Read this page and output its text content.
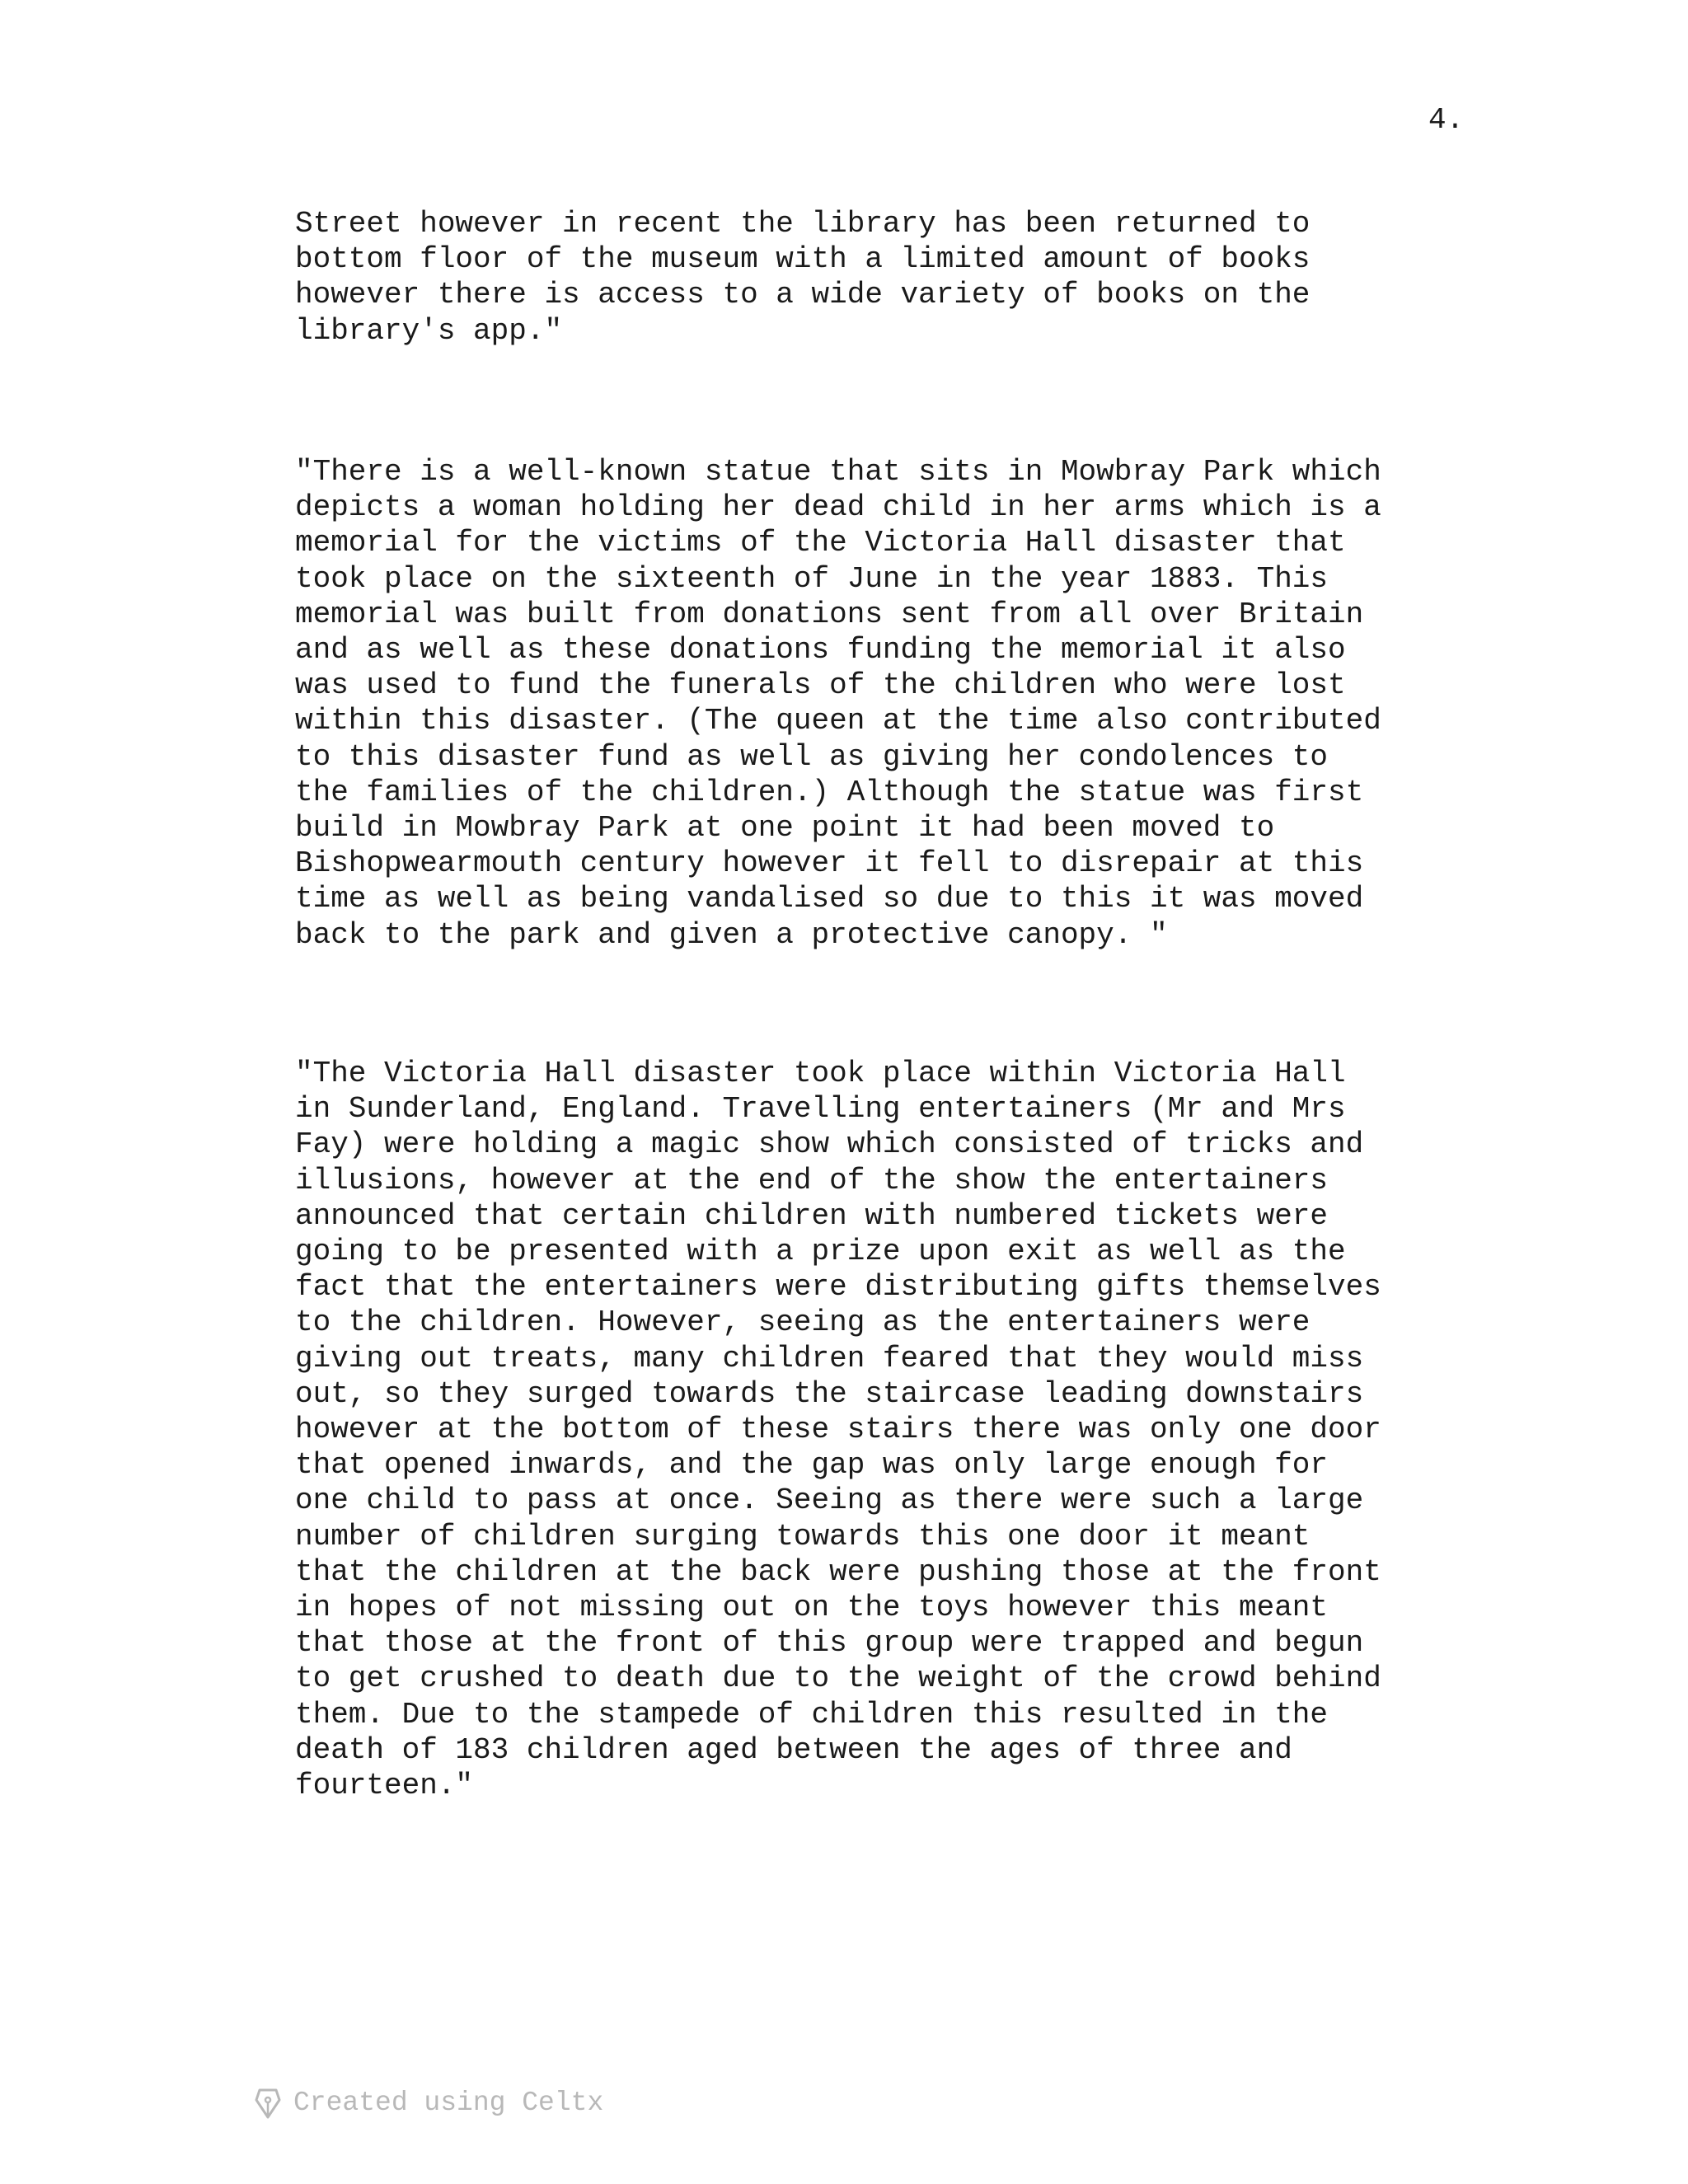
4.

Street however in recent the library has been returned to
bottom floor of the museum with a limited amount of books
however there is access to a wide variety of books on the
library's app."

"There is a well-known statue that sits in Mowbray Park which
depicts a woman holding her dead child in her arms which is a
memorial for the victims of the Victoria Hall disaster that
took place on the sixteenth of June in the year 1883. This
memorial was built from donations sent from all over Britain
and as well as these donations funding the memorial it also
was used to fund the funerals of the children who were lost
within this disaster. (The queen at the time also contributed
to this disaster fund as well as giving her condolences to
the families of the children.) Although the statue was first
build in Mowbray Park at one point it had been moved to
Bishopwearmouth century however it fell to disrepair at this
time as well as being vandalised so due to this it was moved
back to the park and given a protective canopy. "

"The Victoria Hall disaster took place within Victoria Hall
in Sunderland, England. Travelling entertainers (Mr and Mrs
Fay) were holding a magic show which consisted of tricks and
illusions, however at the end of the show the entertainers
announced that certain children with numbered tickets were
going to be presented with a prize upon exit as well as the
fact that the entertainers were distributing gifts themselves
to the children. However, seeing as the entertainers were
giving out treats, many children feared that they would miss
out, so they surged towards the staircase leading downstairs
however at the bottom of these stairs there was only one door
that opened inwards, and the gap was only large enough for
one child to pass at once. Seeing as there were such a large
number of children surging towards this one door it meant
that the children at the back were pushing those at the front
in hopes of not missing out on the toys however this meant
that those at the front of this group were trapped and begun
to get crushed to death due to the weight of the crowd behind
them. Due to the stampede of children this resulted in the
death of 183 children aged between the ages of three and
fourteen."

Created using Celtx
